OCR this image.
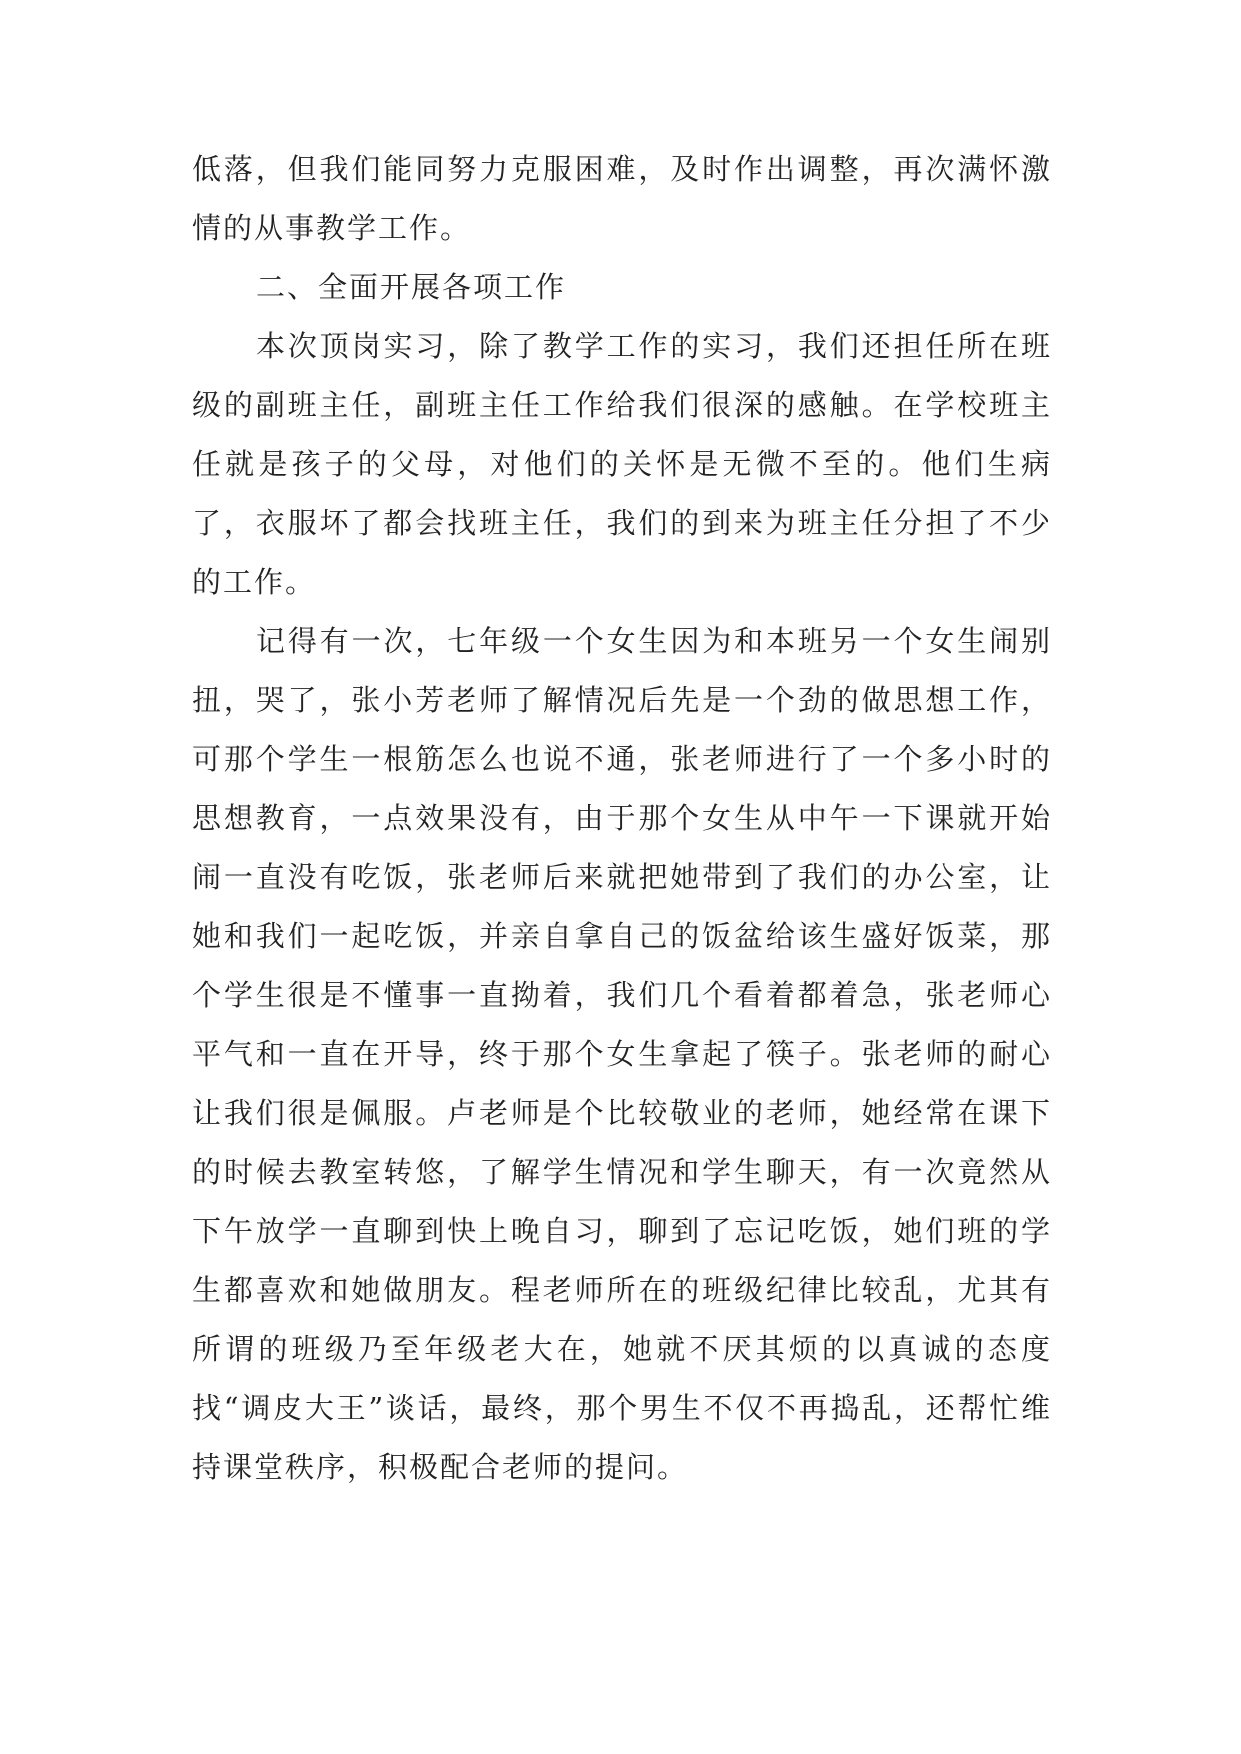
低落，但我们能同努力克服困难，及时作出调整，再次满怀激情的从事教学工作。

二、全面开展各项工作

本次顶岗实习，除了教学工作的实习，我们还担任所在班级的副班主任，副班主任工作给我们很深的感触。在学校班主任就是孩子的父母，对他们的关怀是无微不至的。他们生病了，衣服坏了都会找班主任，我们的到来为班主任分担了不少的工作。

记得有一次，七年级一个女生因为和本班另一个女生闹别扭，哭了，张小芳老师了解情况后先是一个劲的做思想工作，可那个学生一根筋怎么也说不通，张老师进行了一个多小时的思想教育，一点效果没有，由于那个女生从中午一下课就开始闹一直没有吃饭，张老师后来就把她带到了我们的办公室，让她和我们一起吃饭，并亲自拿自己的饭盆给该生盛好饭菜，那个学生很是不懂事一直拗着，我们几个看着都着急，张老师心平气和一直在开导，终于那个女生拿起了筷子。张老师的耐心让我们很是佩服。卢老师是个比较敬业的老师，她经常在课下的时候去教室转悠，了解学生情况和学生聊天，有一次竟然从下午放学一直聊到快上晚自习，聊到了忘记吃饭，她们班的学生都喜欢和她做朋友。程老师所在的班级纪律比较乱，尤其有所谓的班级乃至年级老大在，她就不厌其烦的以真诚的态度找“调皮大王”谈话，最终，那个男生不仅不再捣乱，还帮忙维持课堂秩序，积极配合老师的提问。
